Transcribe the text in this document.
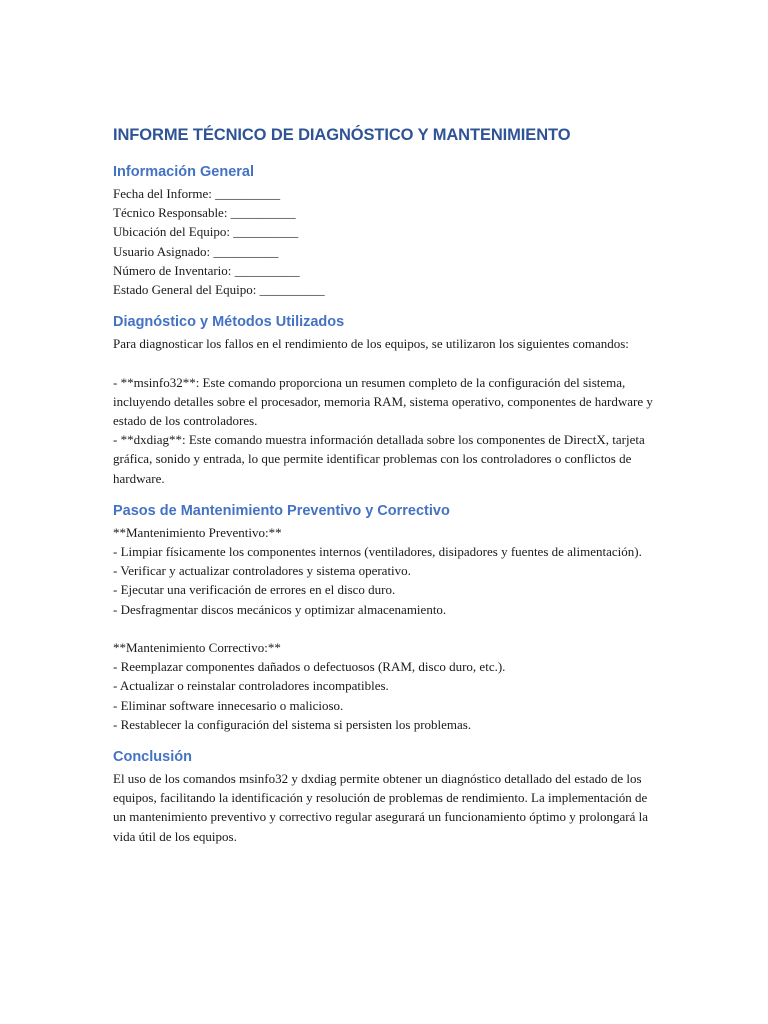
INFORME TÉCNICO DE DIAGNÓSTICO Y MANTENIMIENTO
Información General

Fecha del Informe: __________

Técnico Responsable: __________

Ubicación del Equipo: __________

Usuario Asignado: __________

Número de Inventario: __________

Estado General del Equipo: __________

Diagnóstico y Métodos Utilizados

Para diagnosticar los fallos en el rendimiento de los equipos, se utilizaron los siguientes comandos:

- **msinfo32**: Este comando proporciona un resumen completo de la configuración del sistema, incluyendo detalles sobre el procesador, memoria RAM, sistema operativo, componentes de hardware y estado de los controladores.

- **dxdiag**: Este comando muestra información detallada sobre los componentes de DirectX, tarjeta gráfica, sonido y entrada, lo que permite identificar problemas con los controladores o conflictos de hardware.

Pasos de Mantenimiento Preventivo y Correctivo

**Mantenimiento Preventivo:**

- Limpiar físicamente los componentes internos (ventiladores, disipadores y fuentes de alimentación).

- Verificar y actualizar controladores y sistema operativo.

- Ejecutar una verificación de errores en el disco duro.

- Desfragmentar discos mecánicos y optimizar almacenamiento.

**Mantenimiento Correctivo:**

- Reemplazar componentes dañados o defectuosos (RAM, disco duro, etc.).

- Actualizar o reinstalar controladores incompatibles.

- Eliminar software innecesario o malicioso.

- Restablecer la configuración del sistema si persisten los problemas.

Conclusión

El uso de los comandos msinfo32 y dxdiag permite obtener un diagnóstico detallado del estado de los equipos, facilitando la identificación y resolución de problemas de rendimiento. La implementación de un mantenimiento preventivo y correctivo regular asegurará un funcionamiento óptimo y prolongará la vida útil de los equipos.
